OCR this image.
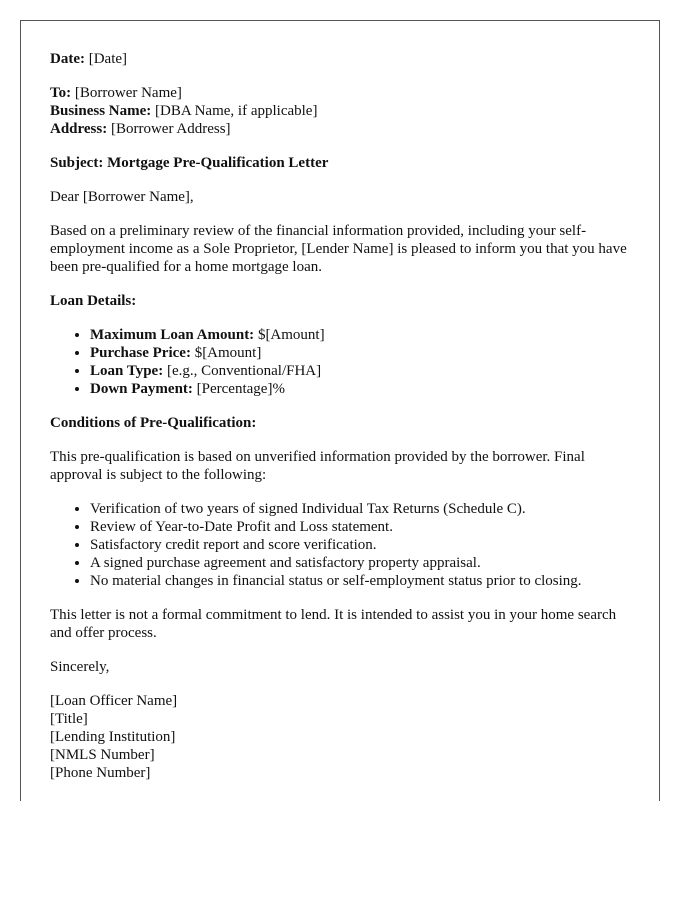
Date: [Date]

To: [Borrower Name]
Business Name: [DBA Name, if applicable]
Address: [Borrower Address]

Subject: Mortgage Pre-Qualification Letter

Dear [Borrower Name],

Based on a preliminary review of the financial information provided, including your self-employment income as a Sole Proprietor, [Lender Name] is pleased to inform you that you have been pre-qualified for a home mortgage loan.

Loan Details:

• Maximum Loan Amount: $[Amount]
• Purchase Price: $[Amount]
• Loan Type: [e.g., Conventional/FHA]
• Down Payment: [Percentage]%

Conditions of Pre-Qualification:

This pre-qualification is based on unverified information provided by the borrower. Final approval is subject to the following:

• Verification of two years of signed Individual Tax Returns (Schedule C).
• Review of Year-to-Date Profit and Loss statement.
• Satisfactory credit report and score verification.
• A signed purchase agreement and satisfactory property appraisal.
• No material changes in financial status or self-employment status prior to closing.

This letter is not a formal commitment to lend. It is intended to assist you in your home search and offer process.

Sincerely,

[Loan Officer Name]
[Title]
[Lending Institution]
[NMLS Number]
[Phone Number]
